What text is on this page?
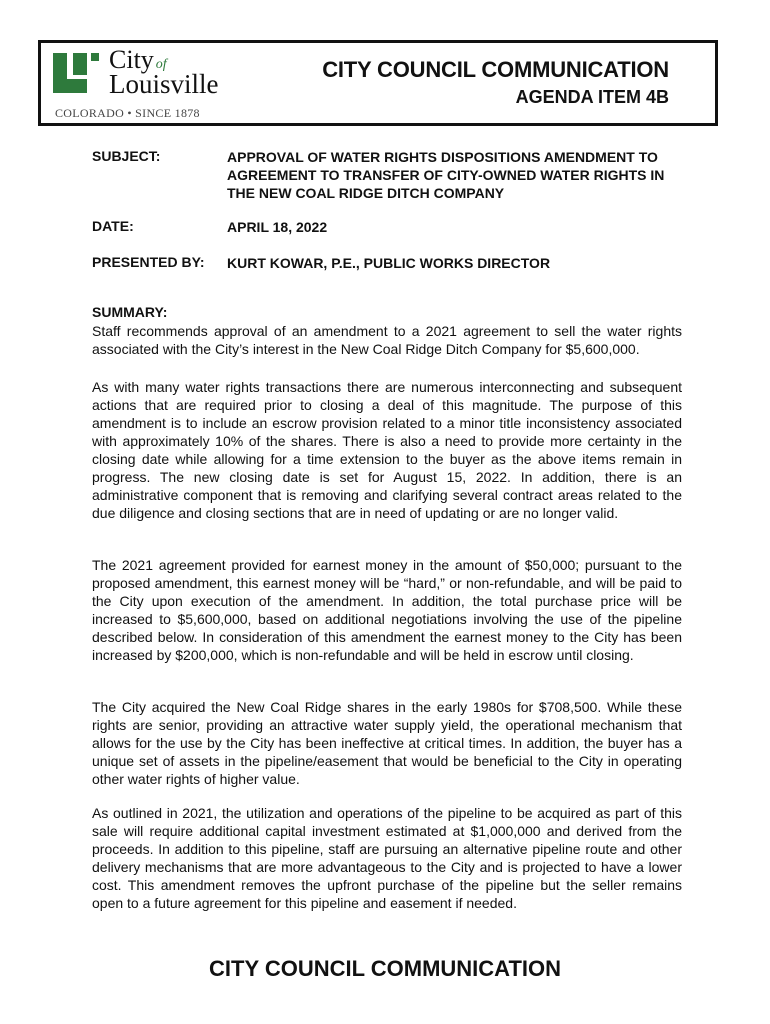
City of
Louisville
COLORADO • SINCE 1878
CITY COUNCIL COMMUNICATION
AGENDA ITEM 4B
SUBJECT:	APPROVAL OF WATER RIGHTS DISPOSITIONS AMENDMENT TO AGREEMENT TO TRANSFER OF CITY-OWNED WATER RIGHTS IN THE NEW COAL RIDGE DITCH COMPANY
DATE:	APRIL 18, 2022
PRESENTED BY: KURT KOWAR, P.E., PUBLIC WORKS DIRECTOR
SUMMARY:

Staff recommends approval of an amendment to a 2021 agreement to sell the water rights associated with the City’s interest in the New Coal Ridge Ditch Company for $5,600,000.

As with many water rights transactions there are numerous interconnecting and subsequent actions that are required prior to closing a deal of this magnitude. The purpose of this amendment is to include an escrow provision related to a minor title inconsistency associated with approximately 10% of the shares. There is also a need to provide more certainty in the closing date while allowing for a time extension to the buyer as the above items remain in progress. The new closing date is set for August 15, 2022. In addition, there is an administrative component that is removing and clarifying several contract areas related to the due diligence and closing sections that are in need of updating or are no longer valid.

The 2021 agreement provided for earnest money in the amount of $50,000; pursuant to the proposed amendment, this earnest money will be “hard,” or non-refundable, and will be paid to the City upon execution of the amendment. In addition, the total purchase price will be increased to $5,600,000, based on additional negotiations involving the use of the pipeline described below. In consideration of this amendment the earnest money to the City has been increased by $200,000, which is non-refundable and will be held in escrow until closing.

The City acquired the New Coal Ridge shares in the early 1980s for $708,500. While these rights are senior, providing an attractive water supply yield, the operational mechanism that allows for the use by the City has been ineffective at critical times. In addition, the buyer has a unique set of assets in the pipeline/easement that would be beneficial to the City in operating other water rights of higher value.

As outlined in 2021, the utilization and operations of the pipeline to be acquired as part of this sale will require additional capital investment estimated at $1,000,000 and derived from the proceeds. In addition to this pipeline, staff are pursuing an alternative pipeline route and other delivery mechanisms that are more advantageous to the City and is projected to have a lower cost. This amendment removes the upfront purchase of the pipeline but the seller remains open to a future agreement for this pipeline and easement if needed.

CITY COUNCIL COMMUNICATION
